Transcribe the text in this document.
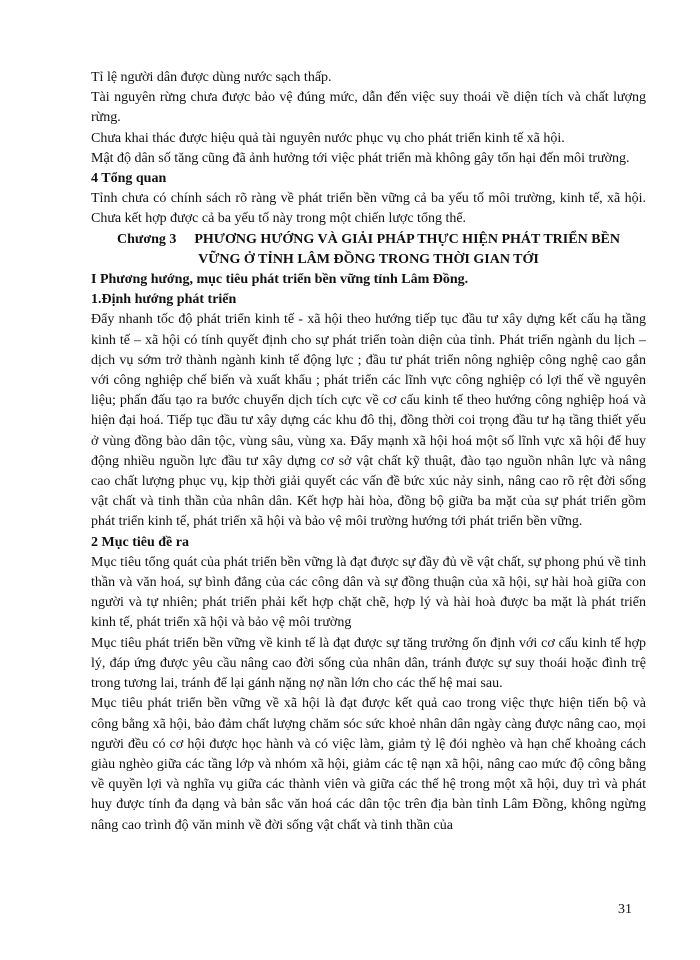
Tỉ lệ người dân được dùng nước sạch thấp.

Tài nguyên rừng chưa được bảo vệ đúng mức, dẫn đến việc suy thoái về diện tích và chất lượng rừng.

Chưa khai thác được hiệu quả tài nguyên nước phục vụ cho phát triển kinh tế xã hội.

Mật độ dân số tăng cũng đã ảnh hưởng tới việc phát triển mà không gây tổn hại đến môi trường.

4 Tổng quan

Tỉnh chưa có chính sách rõ ràng về phát triển bền vững cả ba yếu tố môi trường, kinh tế, xã hội. Chưa kết hợp được cả ba yếu tố này trong một chiến lược tổng thể.

Chương 3 PHƯƠNG HƯỚNG VÀ GIẢI PHÁP THỰC HIỆN PHÁT TRIỂN BỀN

VỮNG Ở TỈNH LÂM ĐỒNG TRONG THỜI GIAN TỚI

I Phương hướng, mục tiêu phát triển bền vững tỉnh Lâm Đồng.

1.Định hướng phát triển

Đẩy nhanh tốc độ phát triển kinh tế - xã hội theo hướng tiếp tục đầu tư xây dựng kết cấu hạ tầng kinh tế – xã hội có tính quyết định cho sự phát triển toàn diện của tỉnh. Phát triển ngành du lịch – dịch vụ sớm trở thành ngành kinh tế động lực ; đầu tư phát triển nông nghiệp công nghệ cao gắn với công nghiệp chế biến và xuất khẩu ; phát triển các lĩnh vực công nghiệp có lợi thế về nguyên liệu; phấn đấu tạo ra bước chuyển dịch tích cực về cơ cấu kinh tế theo hướng công nghiệp hoá và hiện đại hoá. Tiếp tục đầu tư xây dựng các khu đô thị, đồng thời coi trọng đầu tư hạ tầng thiết yếu ở vùng đồng bào dân tộc, vùng sâu, vùng xa. Đẩy mạnh xã hội hoá một số lĩnh vực xã hội để huy động nhiều nguồn lực đầu tư xây dựng cơ sở vật chất kỹ thuật, đào tạo nguồn nhân lực và nâng cao chất lượng phục vụ, kịp thời giải quyết các vấn đề bức xúc nảy sinh, nâng cao rõ rệt đời sống vật chất và tinh thần của nhân dân. Kết hợp hài hòa, đồng bộ giữa ba mặt của sự phát triển gồm phát triển kinh tế, phát triển xã hội và bảo vệ môi trường hướng tới phát triển bền vững.

2 Mục tiêu đề ra

Mục tiêu tổng quát của phát triển bền vững là đạt được sự đầy đủ về vật chất, sự phong phú về tinh thần và văn hoá, sự bình đẳng của các công dân và sự đồng thuận của xã hội, sự hài hoà giữa con người và tự nhiên; phát triển phải kết hợp chặt chẽ, hợp lý và hài hoà được ba mặt là phát triển kinh tế, phát triển xã hội và bảo vệ môi trường

Mục tiêu phát triển bền vững về kinh tế là đạt được sự tăng trưởng ổn định với cơ cấu kinh tế hợp lý, đáp ứng được yêu cầu nâng cao đời sống của nhân dân, tránh được sự suy thoái hoặc đình trệ trong tương lai, tránh để lại gánh nặng nợ nần lớn cho các thế hệ mai sau.

Mục tiêu phát triển bền vững về xã hội là đạt được kết quả cao trong việc thực hiện tiến bộ và công bằng xã hội, bảo đảm chất lượng chăm sóc sức khoẻ nhân dân ngày càng được nâng cao, mọi người đều có cơ hội được học hành và có việc làm, giảm tỷ lệ đói nghèo và hạn chế khoảng cách giàu nghèo giữa các tầng lớp và nhóm xã hội, giảm các tệ nạn xã hội, nâng cao mức độ công bằng về quyền lợi và nghĩa vụ giữa các thành viên và giữa các thế hệ trong một xã hội, duy trì và phát huy được tính đa dạng và bản sắc văn hoá các dân tộc trên địa bàn tỉnh Lâm Đồng, không ngừng nâng cao trình độ văn minh về đời sống vật chất và tinh thần của

31
